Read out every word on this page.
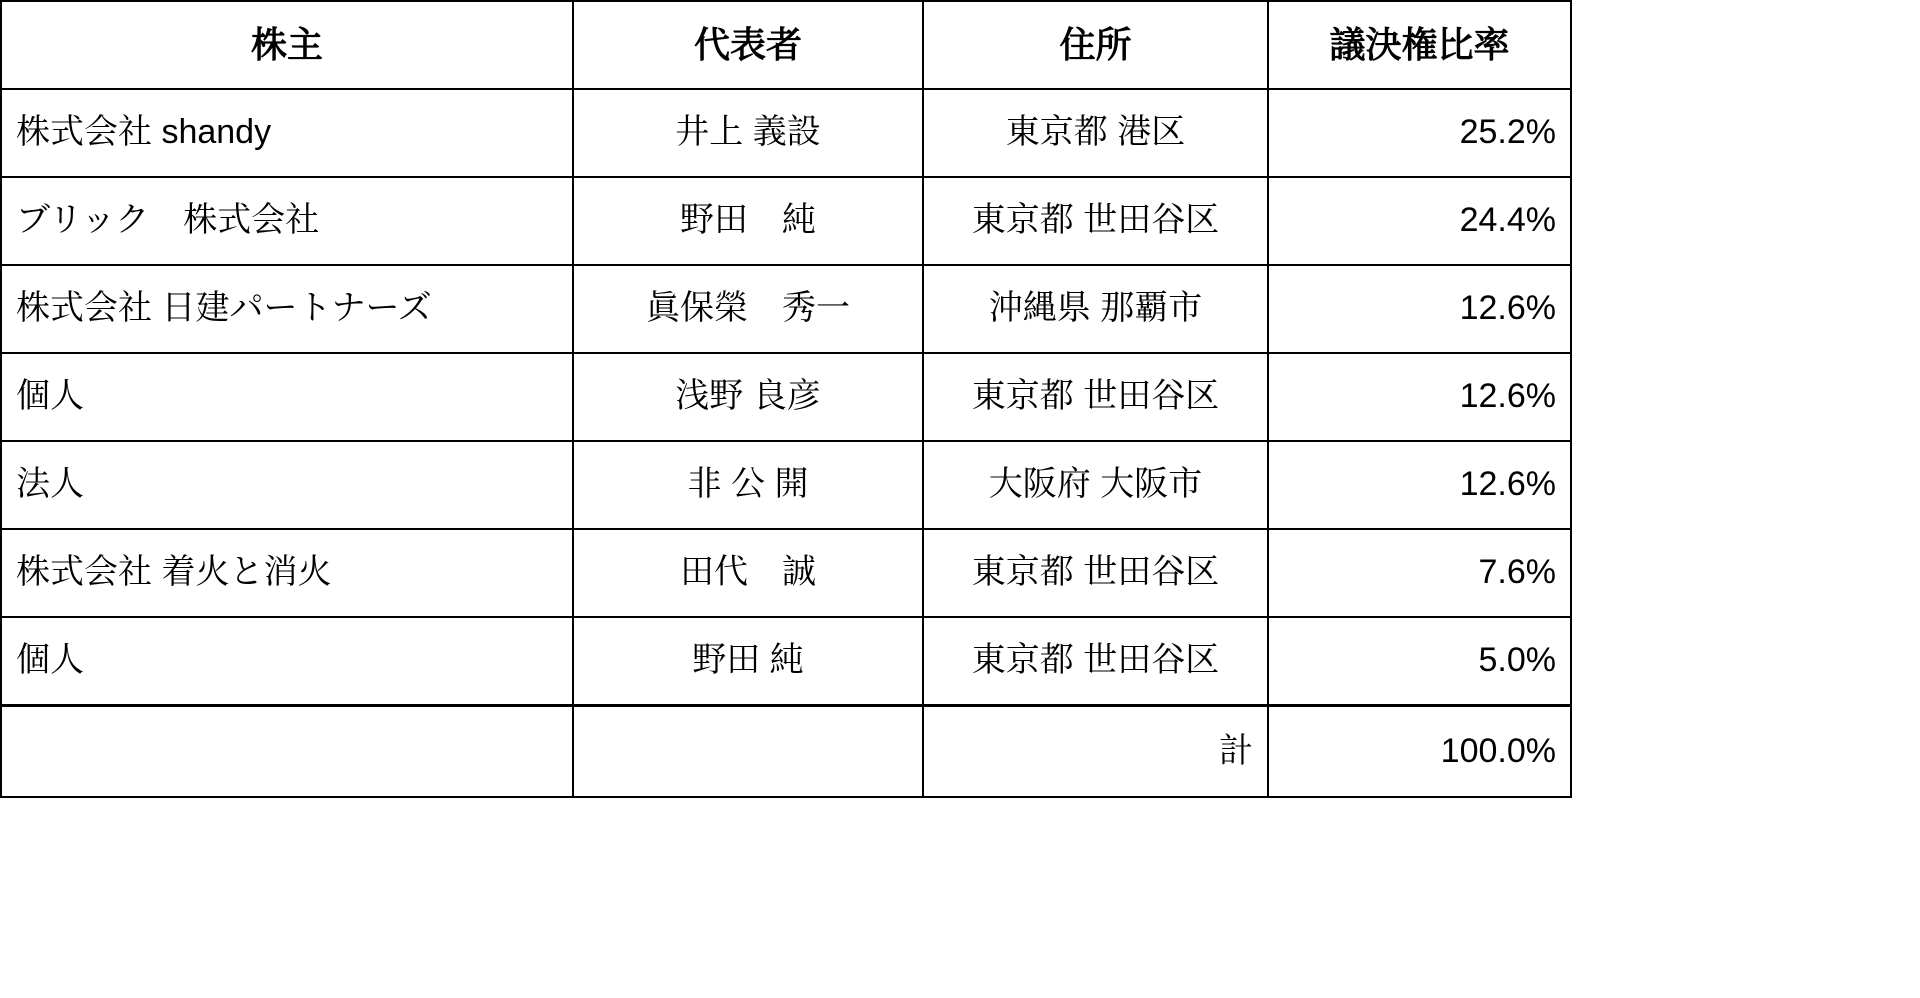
株主	代表者	住所	議決権比率
株式会社 shandy	井上 義設	東京都 港区	25.2%
ブリック　株式会社	野田　純	東京都 世田谷区	24.4%
株式会社 日建パートナーズ	眞保榮　秀一	沖縄県 那覇市	12.6%
個人	浅野 良彦	東京都 世田谷区	12.6%
法人	非 公 開	大阪府 大阪市	12.6%
株式会社 着火と消火	田代　誠	東京都 世田谷区	7.6%
個人	野田 純	東京都 世田谷区	5.0%
		計	100.0%
